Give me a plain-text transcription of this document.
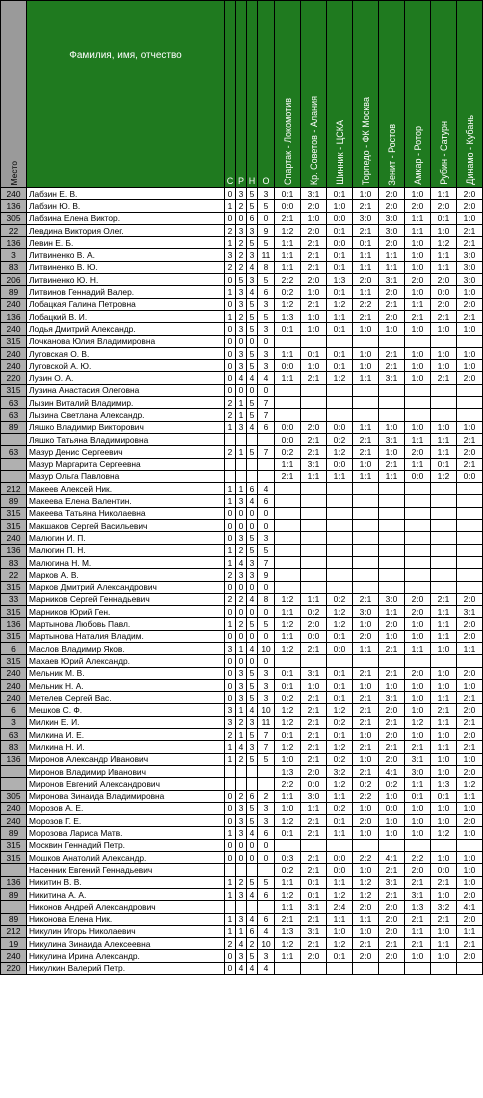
Место	Фамилия, имя, отчество	С	Р	Н	О	Спартак - Локомотив	Кр. Советов - Алания	Шинник - ЦСКА	Торпедо - ФК Москва	Зенит - Ростов	Амкар - Ротор	Рубин - Сатурн	Динамо - Кубань
240	Лабзин Е. В.	0	3	5	3	0:1	3:1	0:1	1:0	2:0	1:0	1:1	2:0
136	Лабзин Ю. В.	1	2	5	5	0:0	2:0	1:0	2:1	2:0	2:0	2:0	2:0
305	Лабзина Елена Виктор.	0	0	6	0	2:1	1:0	0:0	3:0	3:0	1:1	0:1	1:0
22	Левдина Виктория Олег.	2	3	3	9	1:2	2:0	0:1	2:1	3:0	1:1	1:0	2:1
136	Левин Е. Б.	1	2	5	5	1:1	2:1	0:0	0:1	2:0	1:0	1:2	2:1
3	Литвиненко В. А.	3	2	3	11	1:1	2:1	0:1	1:1	1:1	1:0	1:1	3:0
83	Литвиненко В. Ю.	2	2	4	8	1:1	2:1	0:1	1:1	1:1	1:0	1:1	3:0
206	Литвиненко Ю. Н.	0	5	3	5	2:2	2:0	1:3	2:0	3:1	2:0	2:0	3:0
89	Литвинов Геннадий Валер.	1	3	4	6	0:2	1:0	0:1	1:1	2:0	1:0	0:0	1:0
240	Лобацкая Галина Петровна	0	3	5	3	1:2	2:1	1:2	2:2	2:1	1:1	2:0	2:0
136	Лобацкий В. И.	1	2	5	5	1:3	1:0	1:1	2:1	2:0	2:1	2:1	2:1
240	Лодья Дмитрий Александр.	0	3	5	3	0:1	1:0	0:1	1:0	1:0	1:0	1:0	1:0
315	Лочканова Юлия Владимировна	0	0	0	0								
240	Луговская О. В.	0	3	5	3	1:1	0:1	0:1	1:0	2:1	1:0	1:0	1:0
240	Луговской А. Ю.	0	3	5	3	0:0	1:0	0:1	1:0	2:1	1:0	1:0	1:0
220	Лузин О. А.	0	4	4	4	1:1	2:1	1:2	1:1	3:1	1:0	2:1	2:0
315	Лузина Анастасия Олеговна	0	0	0	0								
63	Лызин Виталий Владимир.	2	1	5	7								
63	Лызина Светлана Александр.	2	1	5	7								
89	Ляшко Владимир Викторович	1	3	4	6	0:0	2:0	0:0	1:1	1:0	1:0	1:0	1:0
	Ляшко Татьяна Владимировна					0:0	2:1	0:2	2:1	3:1	1:1	1:1	2:1
63	Мазур Денис Сергеевич	2	1	5	7	0:2	2:1	1:2	2:1	1:0	2:0	1:1	2:0
	Мазур Маргарита Сергеевна					1:1	3:1	0:0	1:0	2:1	1:1	0:1	2:1
	Мазур Ольга Павловна					2:1	1:1	1:1	1:1	1:1	0:0	1:2	0:0
212	Макеев Алексей Ник.	1	1	6	4								
89	Макеева Елена Валентин.	1	3	4	6								
315	Макеева Татьяна Николаевна	0	0	0	0								
315	Макшаков Сергей Васильевич	0	0	0	0								
240	Малюгин И. П.	0	3	5	3								
136	Малюгин П. Н.	1	2	5	5								
83	Малюгина Н. М.	1	4	3	7								
22	Марков А. В.	2	3	3	9								
315	Марков Дмитрий Александрович	0	0	0	0								
33	Марников Сергей Геннадьевич	2	2	4	8	1:2	1:1	0:2	2:1	3:0	2:0	2:1	2:0
315	Марников Юрий Ген.	0	0	0	0	1:1	0:2	1:2	3:0	1:1	2:0	1:1	3:1
136	Мартынова Любовь Павл.	1	2	5	5	1:2	2:0	1:2	1:0	2:0	1:0	1:1	2:0
315	Мартынова Наталия Владим.	0	0	0	0	1:1	0:0	0:1	2:0	1:0	1:0	1:1	2:0
6	Маслов Владимир Яков.	3	1	4	10	1:2	2:1	0:0	1:1	2:1	1:1	1:0	1:1
315	Махаев Юрий Александр.	0	0	0	0								
240	Мельник М. В.	0	3	5	3	0:1	3:1	0:1	2:1	2:1	2:0	1:0	2:0
240	Мельник Н. А.	0	3	5	3	0:1	1:0	0:1	1:0	1:0	1:0	1:0	1:0
240	Метелев Сергей Вас.	0	3	5	3	0:2	2:1	0:1	2:1	3:1	1:0	1:1	2:1
6	Мешков С. Ф.	3	1	4	10	1:2	2:1	1:2	2:1	2:0	1:0	2:1	2:0
3	Милкин Е. И.	3	2	3	11	1:2	2:1	0:2	2:1	2:1	1:2	1:1	2:1
63	Милкина И. Е.	2	1	5	7	0:1	2:1	0:1	1:0	2:0	1:0	1:0	2:0
83	Милкина Н. И.	1	4	3	7	1:2	2:1	1:2	2:1	2:1	2:1	1:1	2:1
136	Миронов Александр Иванович	1	2	5	5	1:0	2:1	0:2	1:0	2:0	3:1	1:0	1:0
	Миронов Владимир Иванович					1:3	2:0	3:2	2:1	4:1	3:0	1:0	2:0
	Миронов Евгений Александрович					2:2	0:0	1:2	0:2	0:2	1:1	1:3	1:2
305	Миронова Зинаида Владимировна	0	2	6	2	1:1	3:0	1:1	2:2	1:0	0:1	0:1	1:1
240	Морозов А. Е.	0	3	5	3	1:0	1:1	0:2	1:0	0:0	1:0	1:0	1:0
240	Морозов Г. Е.	0	3	5	3	1:2	2:1	0:1	2:0	1:0	1:0	1:0	2:0
89	Морозова Лариса Матв.	1	3	4	6	0:1	2:1	1:1	1:0	1:0	1:0	1:2	1:0
315	Москвин Геннадий Петр.	0	0	0	0								
315	Мошков Анатолий Александр.	0	0	0	0	0:3	2:1	0:0	2:2	4:1	2:2	1:0	1:0
	Насенник Евгений Геннадьевич					0:2	2:1	0:0	1:0	2:1	2:0	0:0	1:0
136	Никитин В. В.	1	2	5	5	1:1	0:1	1:1	1:2	3:1	2:1	2:1	1:0
89	Никитина А. А.	1	3	4	6	1:2	0:1	1:2	1:2	2:1	3:1	1:0	2:0
	Никонов Андрей Александрович					1:1	3:1	2:4	2:0	2:0	1:3	3:2	4:1
89	Никонова Елена Ник.	1	3	4	6	2:1	2:1	1:1	1:1	2:0	2:1	2:1	2:0
212	Никулин Игорь Николаевич	1	1	6	4	1:3	3:1	1:0	1:0	2:0	1:1	1:0	1:1
19	Никулина Зинаида Алексеевна	2	4	2	10	1:2	2:1	1:2	2:1	2:1	2:1	1:1	2:1
240	Никулина Ирина Александр.	0	3	5	3	1:1	2:0	0:1	2:0	2:0	1:0	1:0	2:0
220	Никулкин Валерий Петр.	0	4	4	4								
